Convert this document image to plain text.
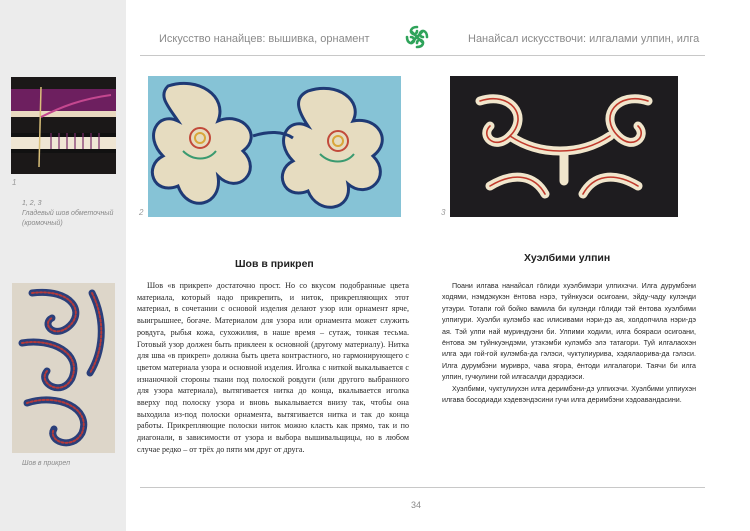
Искусство нанайцев: вышивка, орнамент	Нанайсал искусствочи: илгалами улпин, илга
1
1, 2, 3
Гладевый шов обметочный (кромочный)
Шов в прикреп
2	3
Шов в прикреп	Хуэлбими улпин

Шов «в прикреп» достаточно прост. Но со вкусом подобранные цвета материала, который надо прикрепить, и ниток, прикрепляющих этот материал, в сочетании с основой изделия делают узор или орнамент ярче, выигрышнее, богаче. Материалом для узора или орнамента может служить ровдуга, рыбья кожа, сухожилия, в наше время – сутаж, тонкая тесьма. Готовый узор должен быть приклеен к основной (другому материалу). Нитка для шва «в прикреп» должна быть цвета контрастного, но гармонирующего с цветом материала узора и основной изделия. Иголка с ниткой выкалывается с изнаночной стороны ткани под полоской ровдуги (или другого выбранного для узора материала), вытягивается нитка до конца, вкалывается иголка вверху под полоску узора и вновь выкалывается внизу так, чтобы она выходила из-под полоски орнамента, вытягивается нитка и так до конца работы. Прикрепляющие полоски ниток можно класть как прямо, так и по диагонали, в зависимости от узора и выбора вышивальщицы, но в любом случае редко – от трёх до пяти мм друг от друга.

Поани илгава нанайсал гōлиди хуэлбимэри улпихэчи. Илга дурумбэни ходями, нэмдэкукэн ёнтова нэрэ, туйнкуэси осигоани, эйду-чаду кулэнди утэури. Тотапи гой бойко вамила би кулэнди гōлиди тэй ёнтова хуэлбими улпигури. Хуэлби кулэмбэ кас илисивами нэри-дэ ая, холдопчила нэри-дэ ая. Тэй улпи най муриндуэни би. Улпими ходили, илга бояраси осигоани, ёнтова эм туйнкуэндэми, утэхэмби кулэмбэ элэ татагори. Туй илгалаохэн илга эди гой-гой кулэмба-да гэлэси, чуктулиурива, хэдялаорива-да гэлэси. Илга дурумбэни муриврэ, чава ягора, ёнтоди илгалагори. Таячи би илга улпин, гучкулини гой илгасалди дэрэдиэси.

Хуэлбими, чуктулиухэн илга деримбэни-дэ улпихэчи. Хуэлбими улпиухэн илгава босодиади хэдевэндэсини гучи илга деримбэни хэдоавандасини.

34
